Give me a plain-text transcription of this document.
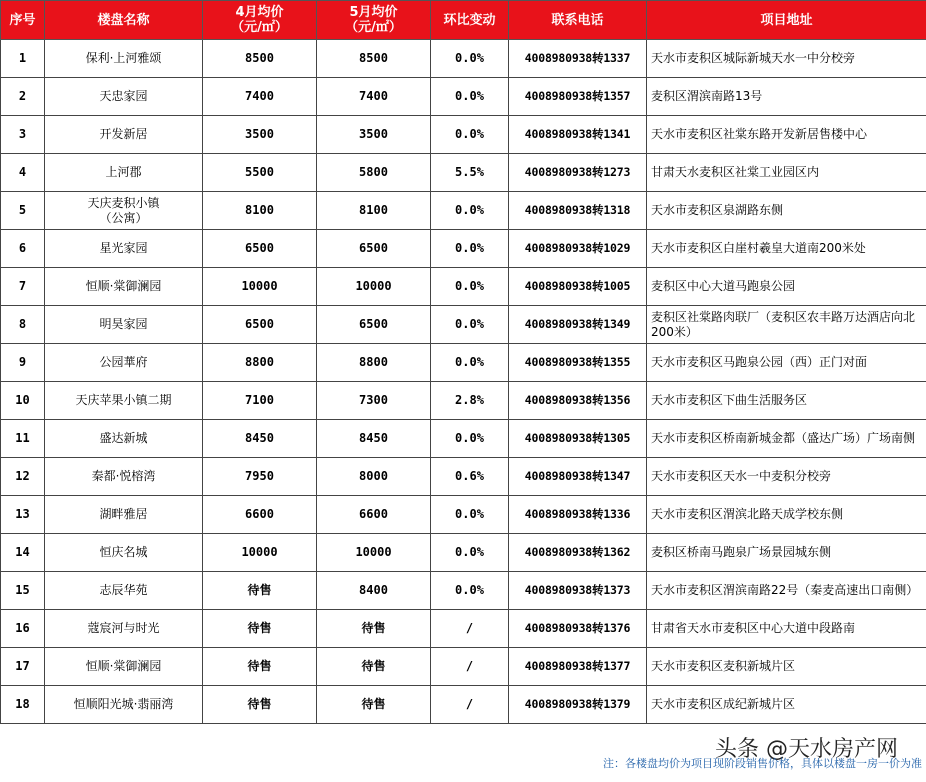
序号	楼盘名称	4月均价
（元/㎡）	5月均价
（元/㎡）	环比变动	联系电话	项目地址
1	保利·上河雅颂	8500	8500	0.0%	4008980938转1337	天水市麦积区城际新城天水一中分校旁
2	天忠家园	7400	7400	0.0%	4008980938转1357	麦积区渭滨南路13号
3	开发新居	3500	3500	0.0%	4008980938转1341	天水市麦积区社棠东路开发新居售楼中心
4	上河郡	5500	5800	5.5%	4008980938转1273	甘肃天水麦积区社棠工业园区内
5	天庆麦积小镇
（公寓）	8100	8100	0.0%	4008980938转1318	天水市麦积区泉湖路东侧
6	星光家园	6500	6500	0.0%	4008980938转1029	天水市麦积区白崖村羲皇大道南200米处
7	恒顺·棠御澜园	10000	10000	0.0%	4008980938转1005	麦积区中心大道马跑泉公园
8	明昊家园	6500	6500	0.0%	4008980938转1349	麦积区社棠路肉联厂（麦积区农丰路万达酒店向北200米）
9	公园華府	8800	8800	0.0%	4008980938转1355	天水市麦积区马跑泉公园（西）正门对面
10	天庆苹果小镇二期	7100	7300	2.8%	4008980938转1356	天水市麦积区下曲生活服务区
11	盛达新城	8450	8450	0.0%	4008980938转1305	天水市麦积区桥南新城金都（盛达广场）广场南侧
12	秦都·悦榕湾	7950	8000	0.6%	4008980938转1347	天水市麦积区天水一中麦积分校旁
13	湖畔雅居	6600	6600	0.0%	4008980938转1336	天水市麦积区渭滨北路天成学校东侧
14	恒庆名城	10000	10000	0.0%	4008980938转1362	麦积区桥南马跑泉广场景园城东侧
15	志辰华苑	待售	8400	0.0%	4008980938转1373	天水市麦积区渭滨南路22号（秦麦高速出口南侧）
16	蔻宸河与时光	待售	待售	/	4008980938转1376	甘肃省天水市麦积区中心大道中段路南
17	恒顺·棠御澜园	待售	待售	/	4008980938转1377	天水市麦积区麦积新城片区
18	恒顺阳光城·翡丽湾	待售	待售	/	4008980938转1379	天水市麦积区成纪新城片区
头条 @天水房产网
注：各楼盘均价为项目现阶段销售价格，具体以楼盘一房一价为准
